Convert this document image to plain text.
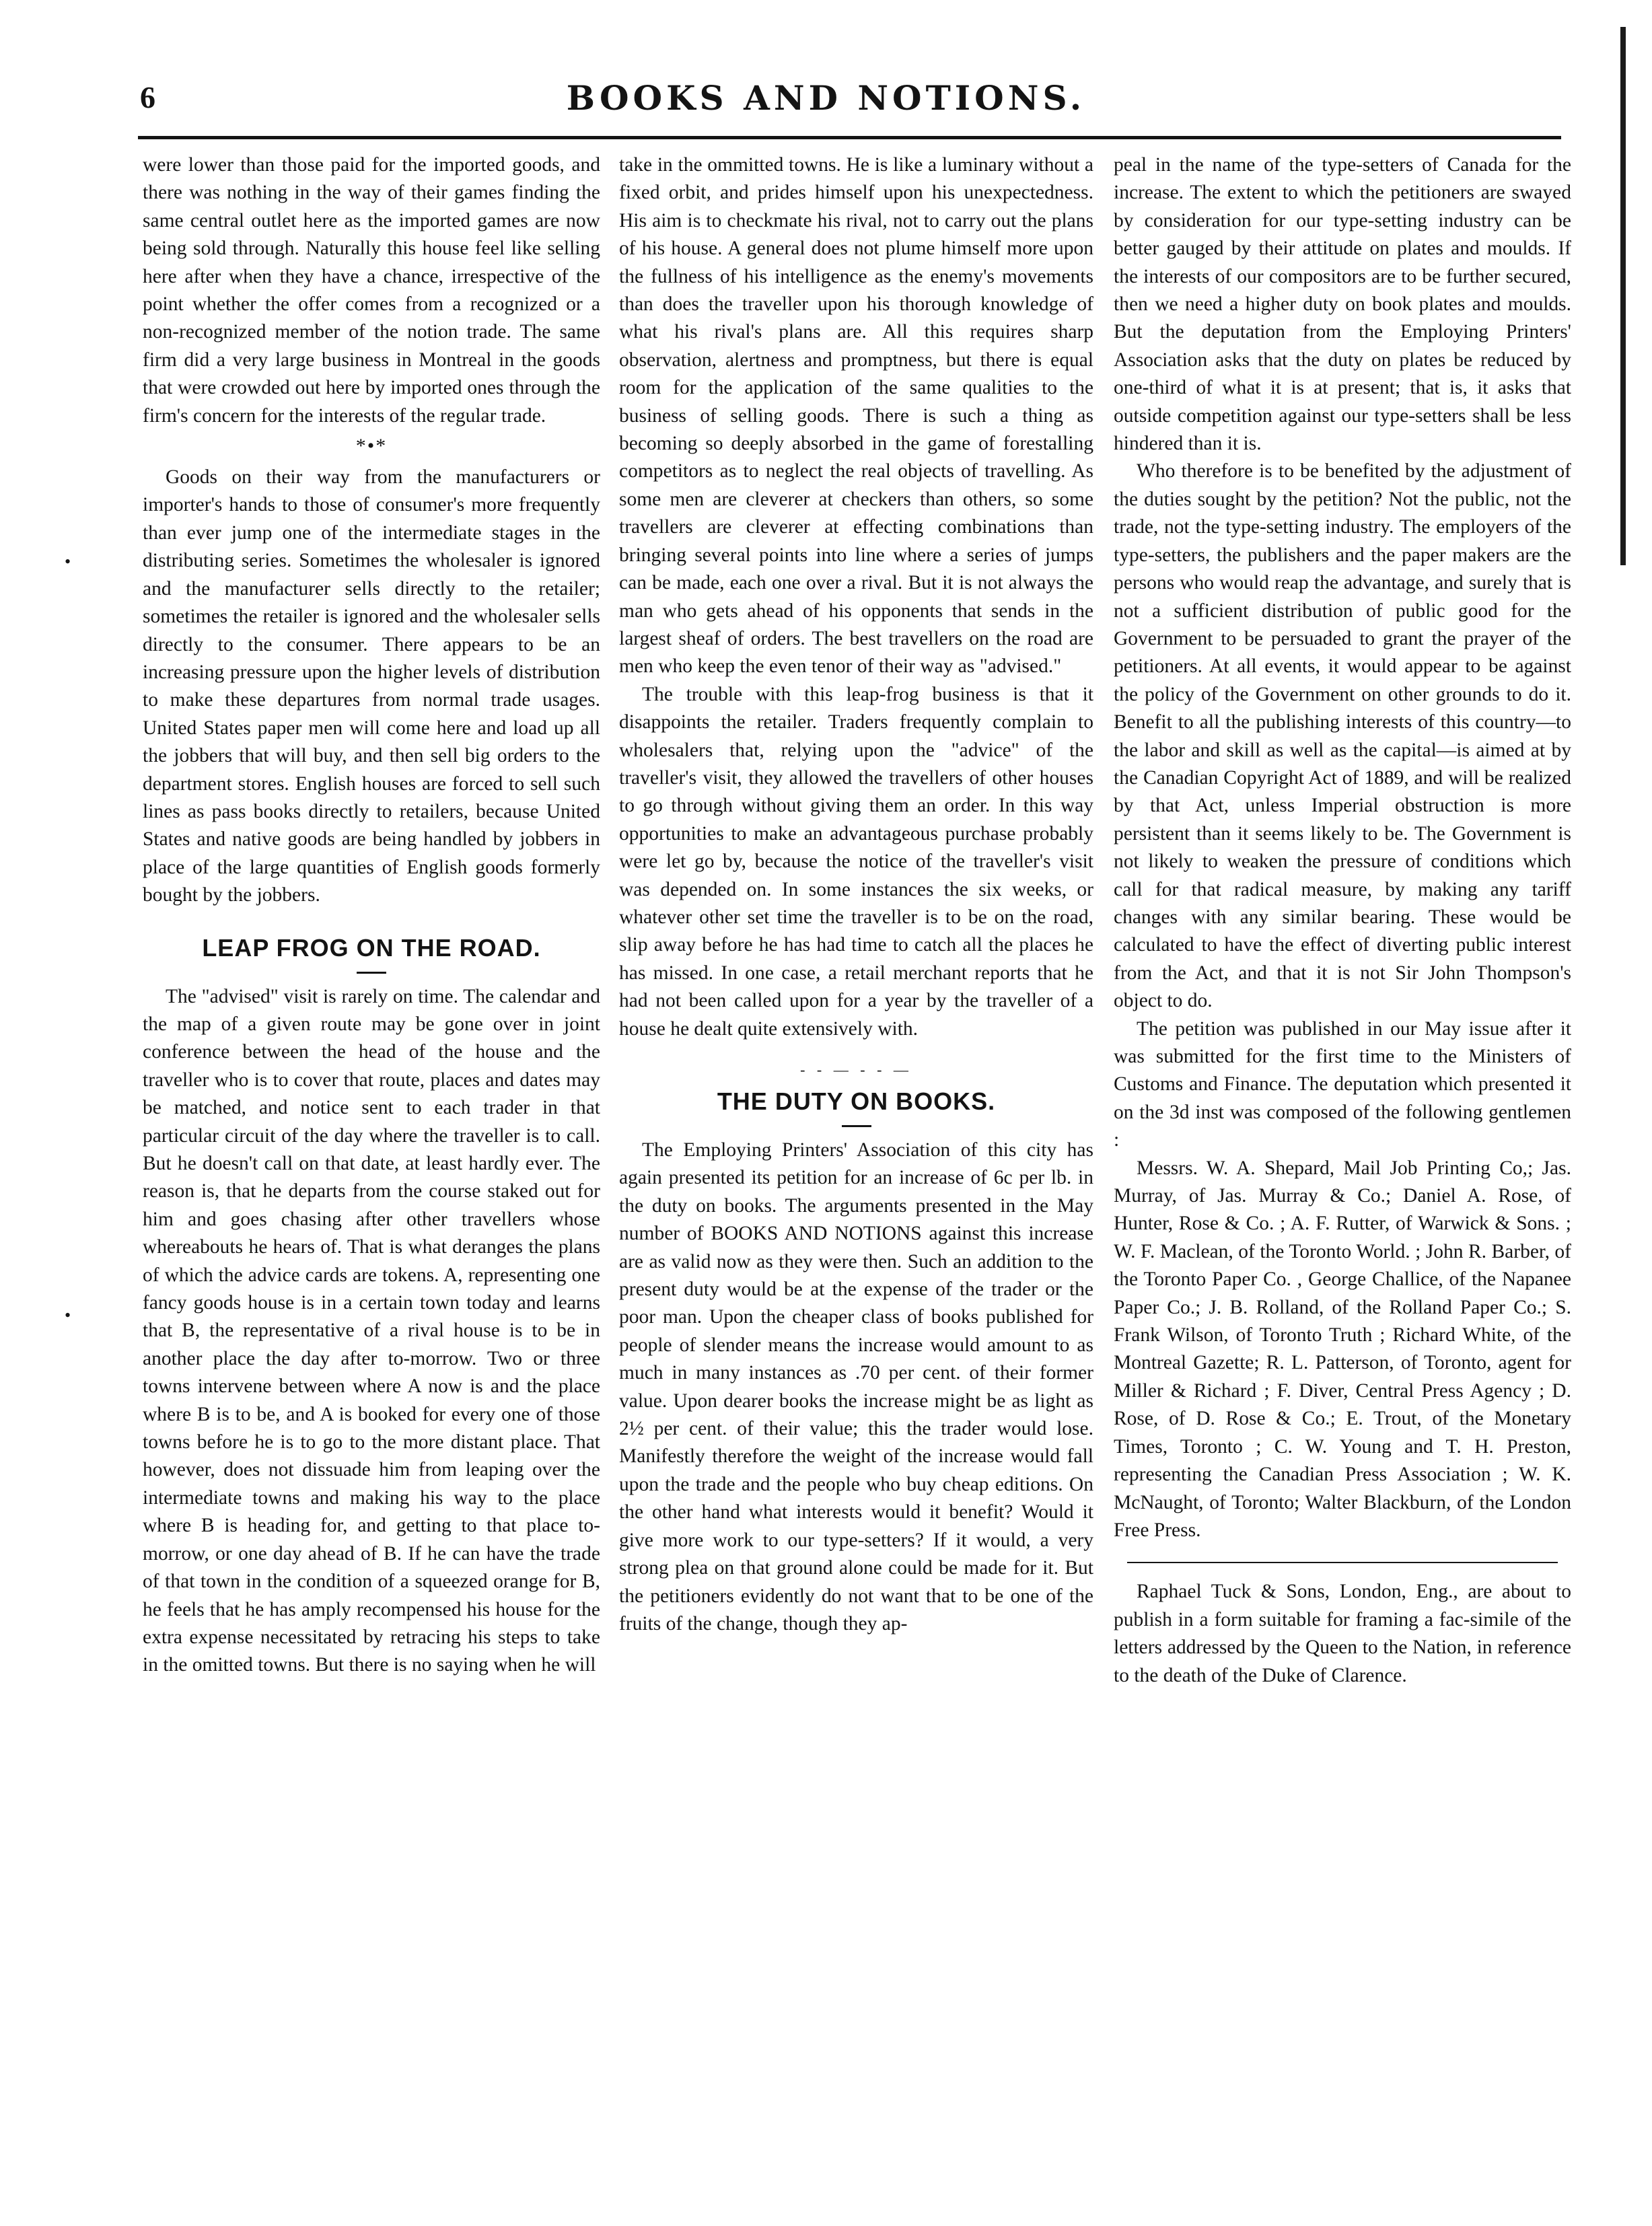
6	BOOKS AND NOTIONS.
•
•

were lower than those paid for the imported goods, and there was nothing in the way of their games finding the same central outlet here as the imported games are now being sold through. Naturally this house feel like selling here after when they have a chance, irrespective of the point whether the offer comes from a recognized or a non-recognized member of the notion trade. The same firm did a very large business in Montreal in the goods that were crowded out here by imported ones through the firm's concern for the interests of the regular trade.

*•*

Goods on their way from the manufacturers or importer's hands to those of consumer's more frequently than ever jump one of the intermediate stages in the distributing series. Sometimes the wholesaler is ignored and the manufacturer sells directly to the retailer; sometimes the retailer is ignored and the wholesaler sells directly to the consumer. There appears to be an increasing pressure upon the higher levels of distribution to make these departures from normal trade usages. United States paper men will come here and load up all the jobbers that will buy, and then sell big orders to the department stores. English houses are forced to sell such lines as pass books directly to retailers, because United States and native goods are being handled by jobbers in place of the large quantities of English goods formerly bought by the jobbers.

LEAP FROG ON THE ROAD.

The "advised" visit is rarely on time. The calendar and the map of a given route may be gone over in joint conference between the head of the house and the traveller who is to cover that route, places and dates may be matched, and notice sent to each trader in that particular circuit of the day where the traveller is to call. But he doesn't call on that date, at least hardly ever. The reason is, that he departs from the course staked out for him and goes chasing after other travellers whose whereabouts he hears of. That is what deranges the plans of which the advice cards are tokens. A, representing one fancy goods house is in a certain town today and learns that B, the representative of a rival house is to be in another place the day after to-morrow. Two or three towns intervene between where A now is and the place where B is to be, and A is booked for every one of those towns before he is to go to the more distant place. That however, does not dissuade him from leaping over the intermediate towns and making his way to the place where B is heading for, and getting to that place to-morrow, or one day ahead of B. If he can have the trade of that town in the condition of a squeezed orange for B, he feels that he has amply recompensed his house for the extra expense necessitated by retracing his steps to take in the omitted towns. But there is no saying when he will

take in the ommitted towns. He is like a luminary without a fixed orbit, and prides himself upon his unexpectedness. His aim is to checkmate his rival, not to carry out the plans of his house. A general does not plume himself more upon the fullness of his intelligence as the enemy's movements than does the traveller upon his thorough knowledge of what his rival's plans are. All this requires sharp observation, alertness and promptness, but there is equal room for the application of the same qualities to the business of selling goods. There is such a thing as becoming so deeply absorbed in the game of forestalling competitors as to neglect the real objects of travelling. As some men are cleverer at checkers than others, so some travellers are cleverer at effecting combinations than bringing several points into line where a series of jumps can be made, each one over a rival. But it is not always the man who gets ahead of his opponents that sends in the largest sheaf of orders. The best travellers on the road are men who keep the even tenor of their way as "advised."

The trouble with this leap-frog business is that it disappoints the retailer. Traders frequently complain to wholesalers that, relying upon the "advice" of the traveller's visit, they allowed the travellers of other houses to go through without giving them an order. In this way opportunities to make an advantageous purchase probably were let go by, because the notice of the traveller's visit was depended on. In some instances the six weeks, or whatever other set time the traveller is to be on the road, slip away before he has had time to catch all the places he has missed. In one case, a retail merchant reports that he had not been called upon for a year by the traveller of a house he dealt quite extensively with.

- - — - - —
THE DUTY ON BOOKS.

The Employing Printers' Association of this city has again presented its petition for an increase of 6c per lb. in the duty on books. The arguments presented in the May number of BOOKS AND NOTIONS against this increase are as valid now as they were then. Such an addition to the present duty would be at the expense of the trader or the poor man. Upon the cheaper class of books published for people of slender means the increase would amount to as much in many instances as .70 per cent. of their former value. Upon dearer books the increase might be as light as 2½ per cent. of their value; this the trader would lose. Manifestly therefore the weight of the increase would fall upon the trade and the people who buy cheap editions. On the other hand what interests would it benefit? Would it give more work to our type-setters? If it would, a very strong plea on that ground alone could be made for it. But the petitioners evidently do not want that to be one of the fruits of the change, though they ap-

peal in the name of the type-setters of Canada for the increase. The extent to which the petitioners are swayed by consideration for our type-setting industry can be better gauged by their attitude on plates and moulds. If the interests of our compositors are to be further secured, then we need a higher duty on book plates and moulds. But the deputation from the Employing Printers' Association asks that the duty on plates be reduced by one-third of what it is at present; that is, it asks that outside competition against our type-setters shall be less hindered than it is.

Who therefore is to be benefited by the adjustment of the duties sought by the petition? Not the public, not the trade, not the type-setting industry. The employers of the type-setters, the publishers and the paper makers are the persons who would reap the advantage, and surely that is not a sufficient distribution of public good for the Government to be persuaded to grant the prayer of the petitioners. At all events, it would appear to be against the policy of the Government on other grounds to do it. Benefit to all the publishing interests of this country—to the labor and skill as well as the capital—is aimed at by the Canadian Copyright Act of 1889, and will be realized by that Act, unless Imperial obstruction is more persistent than it seems likely to be. The Government is not likely to weaken the pressure of conditions which call for that radical measure, by making any tariff changes with any similar bearing. These would be calculated to have the effect of diverting public interest from the Act, and that it is not Sir John Thompson's object to do.

The petition was published in our May issue after it was submitted for the first time to the Ministers of Customs and Finance. The deputation which presented it on the 3d inst was composed of the following gentlemen :

Messrs. W. A. Shepard, Mail Job Printing Co,; Jas. Murray, of Jas. Murray & Co.; Daniel A. Rose, of Hunter, Rose & Co. ; A. F. Rutter, of Warwick & Sons. ; W. F. Maclean, of the Toronto World. ; John R. Barber, of the Toronto Paper Co. , George Challice, of the Napanee Paper Co.; J. B. Rolland, of the Rolland Paper Co.; S. Frank Wilson, of Toronto Truth ; Richard White, of the Montreal Gazette; R. L. Patterson, of Toronto, agent for Miller & Richard ; F. Diver, Central Press Agency ; D. Rose, of D. Rose & Co.; E. Trout, of the Monetary Times, Toronto ; C. W. Young and T. H. Preston, representing the Canadian Press Association ; W. K. McNaught, of Toronto; Walter Blackburn, of the London Free Press.

Raphael Tuck & Sons, London, Eng., are about to publish in a form suitable for framing a fac-simile of the letters addressed by the Queen to the Nation, in reference to the death of the Duke of Clarence.
